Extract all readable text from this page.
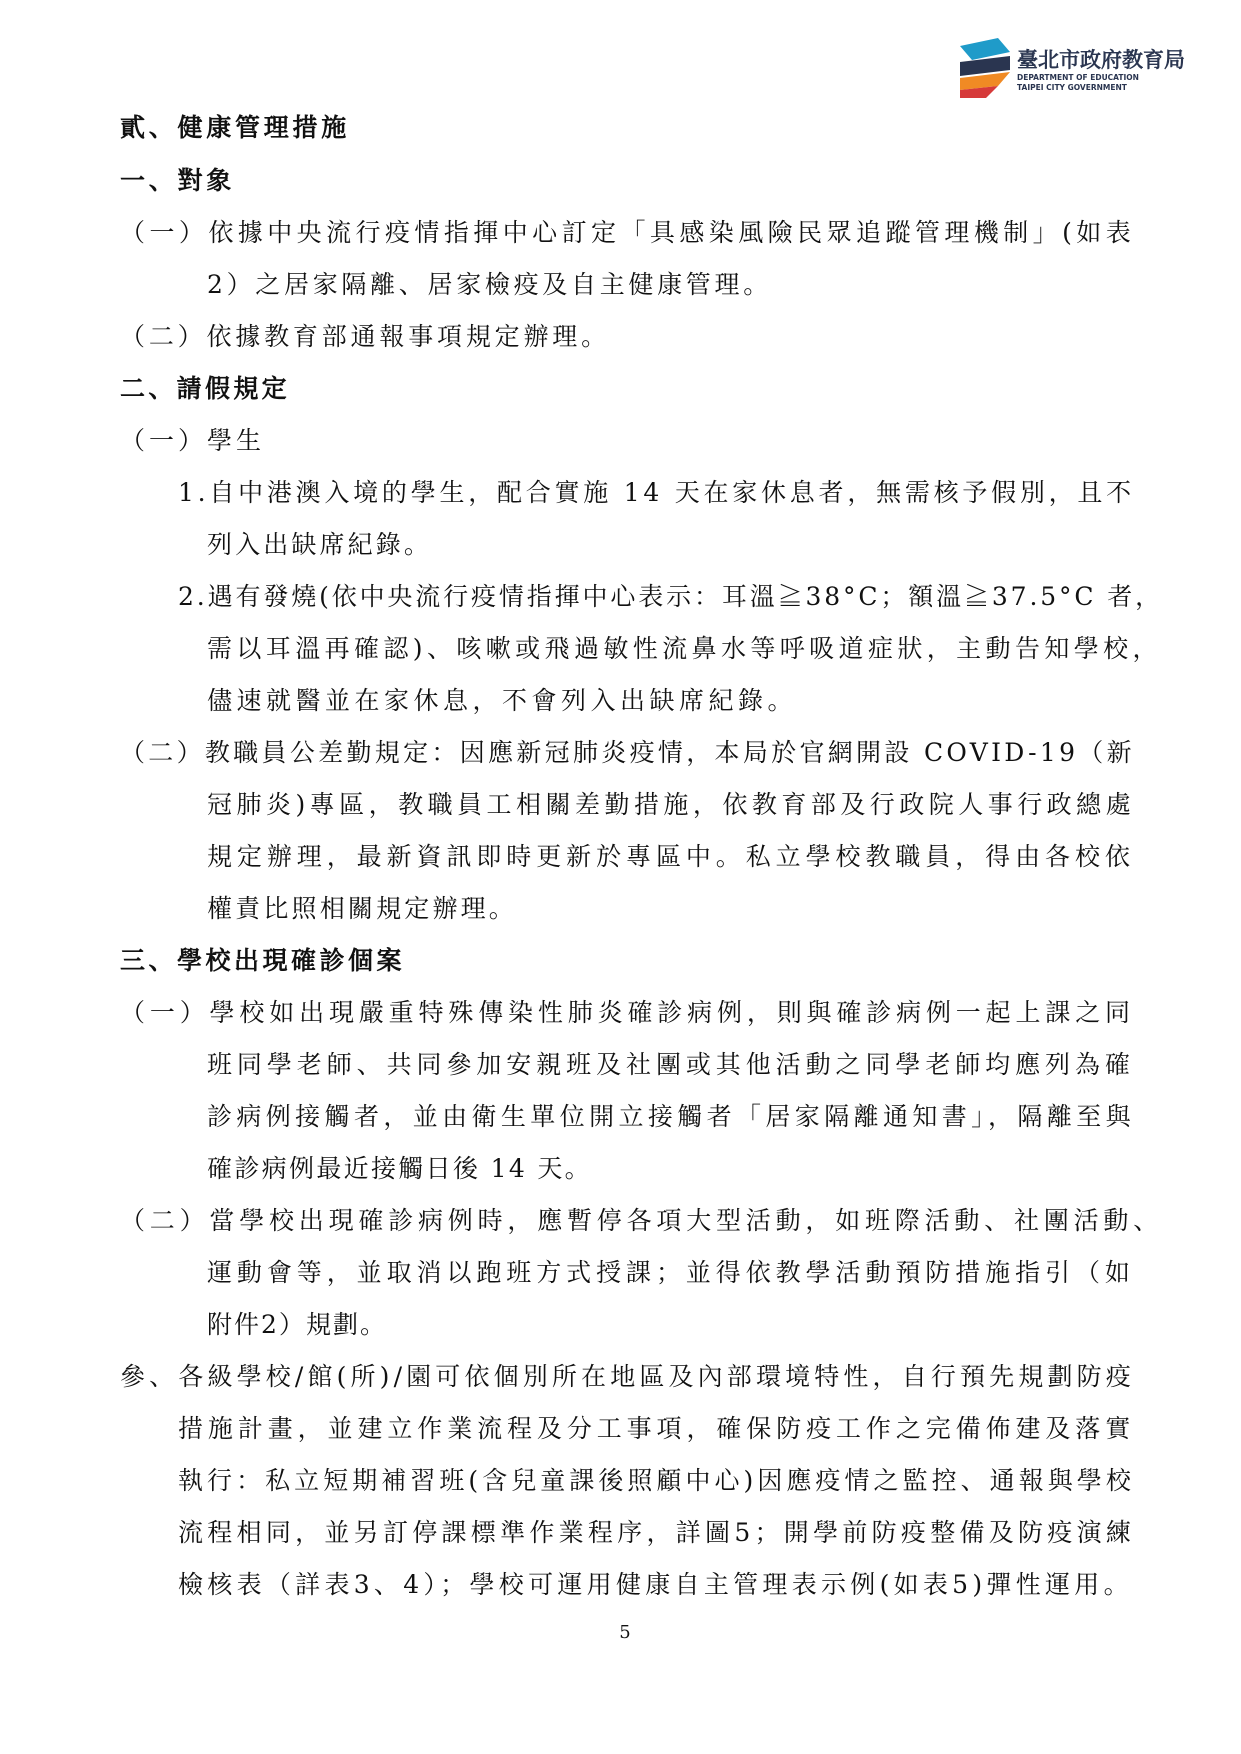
臺北市政府教育局
DEPARTMENT OF EDUCATION
TAIPEI CITY GOVERNMENT
貳、健康管理措施
一、對象
（一）依據中央流行疫情指揮中心訂定「具感染風險民眾追蹤管理機制」(如表
2）之居家隔離、居家檢疫及自主健康管理。
（二）依據教育部通報事項規定辦理。
二、請假規定
（一）學生
1.自中港澳入境的學生，配合實施 14 天在家休息者，無需核予假別，且不
列入出缺席紀錄。
2.遇有發燒(依中央流行疫情指揮中心表示：耳溫≧38°C；額溫≧37.5°C 者，
需以耳溫再確認)、咳嗽或飛過敏性流鼻水等呼吸道症狀，主動告知學校，
儘速就醫並在家休息，不會列入出缺席紀錄。
（二）教職員公差勤規定：因應新冠肺炎疫情，本局於官網開設 COVID-19（新
冠肺炎)專區，教職員工相關差勤措施，依教育部及行政院人事行政總處
規定辦理，最新資訊即時更新於專區中。私立學校教職員，得由各校依
權責比照相關規定辦理。
三、學校出現確診個案
（一）學校如出現嚴重特殊傳染性肺炎確診病例，則與確診病例一起上課之同
班同學老師、共同參加安親班及社團或其他活動之同學老師均應列為確
診病例接觸者，並由衛生單位開立接觸者「居家隔離通知書」，隔離至與
確診病例最近接觸日後 14 天。
（二）當學校出現確診病例時，應暫停各項大型活動，如班際活動、社團活動、
運動會等，並取消以跑班方式授課；並得依教學活動預防措施指引（如
附件2）規劃。
參、各級學校/館(所)/園可依個別所在地區及內部環境特性，自行預先規劃防疫
措施計畫，並建立作業流程及分工事項，確保防疫工作之完備佈建及落實
執行：私立短期補習班(含兒童課後照顧中心)因應疫情之監控、通報與學校
流程相同，並另訂停課標準作業程序，詳圖5；開學前防疫整備及防疫演練
檢核表（詳表3、4）；學校可運用健康自主管理表示例(如表5)彈性運用。
5
